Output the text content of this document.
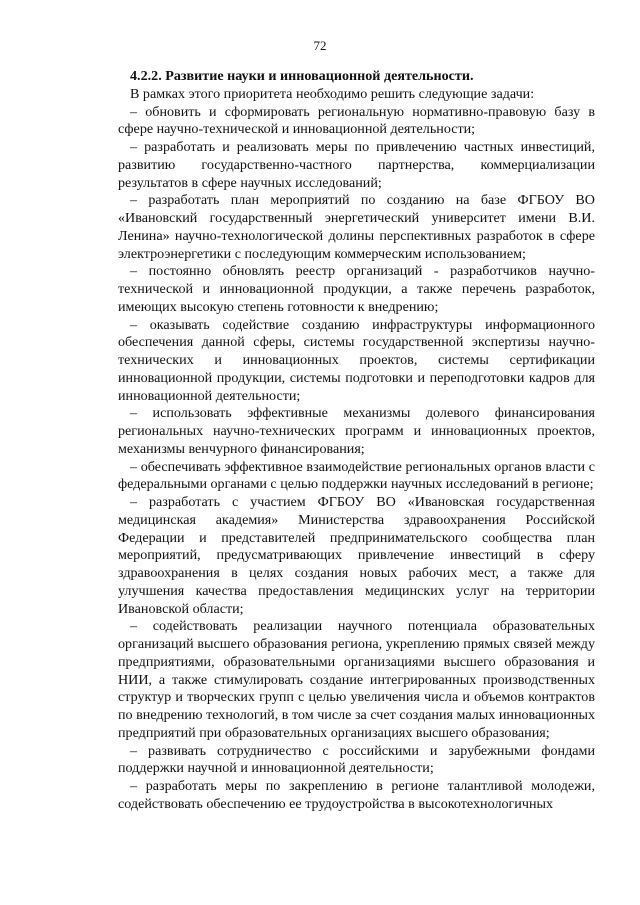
72

4.2.2. Развитие науки и инновационной деятельности.

В рамках этого приоритета необходимо решить следующие задачи:

– обновить и сформировать региональную нормативно-правовую базу в сфере научно-технической и инновационной деятельности;

– разработать и реализовать меры по привлечению частных инвестиций, развитию государственно-частного партнерства, коммерциализации результатов в сфере научных исследований;

– разработать план мероприятий по созданию на базе ФГБОУ ВО «Ивановский государственный энергетический университет имени В.И. Ленина» научно-технологической долины перспективных разработок в сфере электроэнергетики с последующим коммерческим использованием;

– постоянно обновлять реестр организаций - разработчиков научно-технической и инновационной продукции, а также перечень разработок, имеющих высокую степень готовности к внедрению;

– оказывать содействие созданию инфраструктуры информационного обеспечения данной сферы, системы государственной экспертизы научно-технических и инновационных проектов, системы сертификации инновационной продукции, системы подготовки и переподготовки кадров для инновационной деятельности;

– использовать эффективные механизмы долевого финансирования региональных научно-технических программ и инновационных проектов, механизмы венчурного финансирования;

– обеспечивать эффективное взаимодействие региональных органов власти с федеральными органами с целью поддержки научных исследований в регионе;

– разработать с участием ФГБОУ ВО «Ивановская государственная медицинская академия» Министерства здравоохранения Российской Федерации и представителей предпринимательского сообщества план мероприятий, предусматривающих привлечение инвестиций в сферу здравоохранения в целях создания новых рабочих мест, а также для улучшения качества предоставления медицинских услуг на территории Ивановской области;

– содействовать реализации научного потенциала образовательных организаций высшего образования региона, укреплению прямых связей между предприятиями, образовательными организациями высшего образования и НИИ, а также стимулировать создание интегрированных производственных структур и творческих групп с целью увеличения числа и объемов контрактов по внедрению технологий, в том числе за счет создания малых инновационных предприятий при образовательных организациях высшего образования;

– развивать сотрудничество с российскими и зарубежными фондами поддержки научной и инновационной деятельности;

– разработать меры по закреплению в регионе талантливой молодежи, содействовать обеспечению ее трудоустройства в высокотехнологичных
